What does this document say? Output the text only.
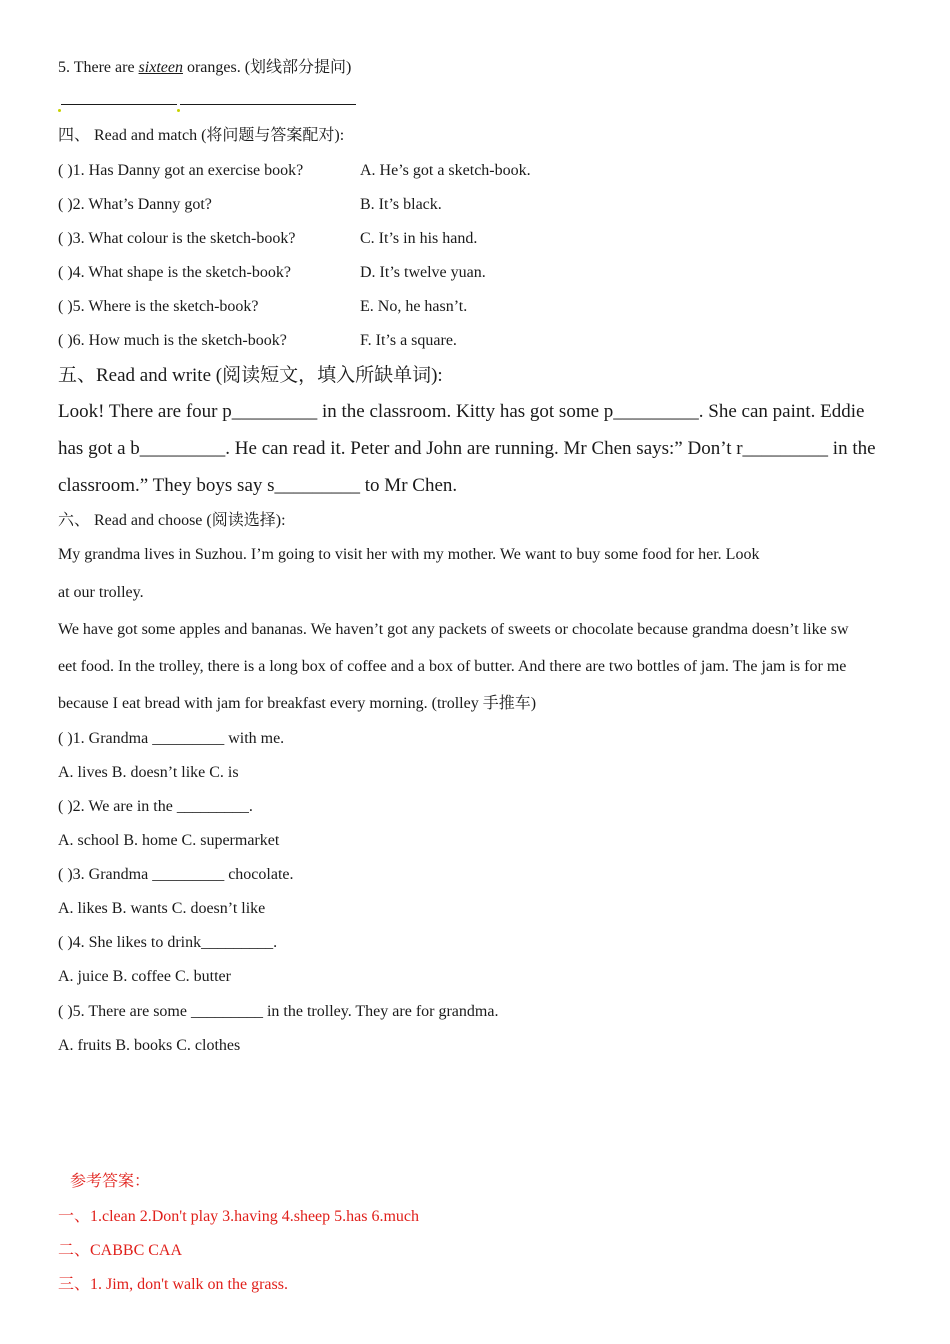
5. There are sixteen oranges. (划线部分提问)
四、 Read and match (将问题与答案配对):
( )1. Has Danny got an exercise book?	A. He’s got a sketch-book.
( )2. What’s Danny got?	B. It’s black.
( )3. What colour is the sketch-book?	C. It’s in his hand.
( )4. What shape is the sketch-book?	D. It’s twelve yuan.
( )5. Where is the sketch-book?	E. No, he hasn’t.
( )6. How much is the sketch-book?	F. It’s a square.
五、Read and write (阅读短文，填入所缺单词):
Look! There are four p_________ in the classroom. Kitty has got some p_________. She can paint. Eddie
has got a b_________. He can read it. Peter and John are running. Mr Chen says:” Don’t r_________ in the
classroom.” They boys say s_________ to Mr Chen.
六、 Read and choose (阅读选择):
My grandma lives in Suzhou. I’m going to visit her with my mother. We want to buy some food for her. Look
at our trolley.
We have got some apples and bananas. We haven’t got any packets of sweets or chocolate because grandma doesn’t like sw
eet food. In the trolley, there is a long box of coffee and a box of butter. And there are two bottles of jam. The jam is for me
because I eat bread with jam for breakfast every morning. (trolley 手推车)
( )1. Grandma _________ with me.
A. lives B. doesn’t like C. is
( )2. We are in the _________.
A. school B. home C. supermarket
( )3. Grandma _________ chocolate.
A. likes B. wants C. doesn’t like
( )4. She likes to drink_________.
A. juice B. coffee C. butter
( )5. There are some _________ in the trolley. They are for grandma.
A. fruits B. books C. clothes
参考答案：
一、1.clean 2.Don't play 3.having 4.sheep 5.has 6.much
二、CABBC CAA
三、1. Jim, don't walk on the grass.
